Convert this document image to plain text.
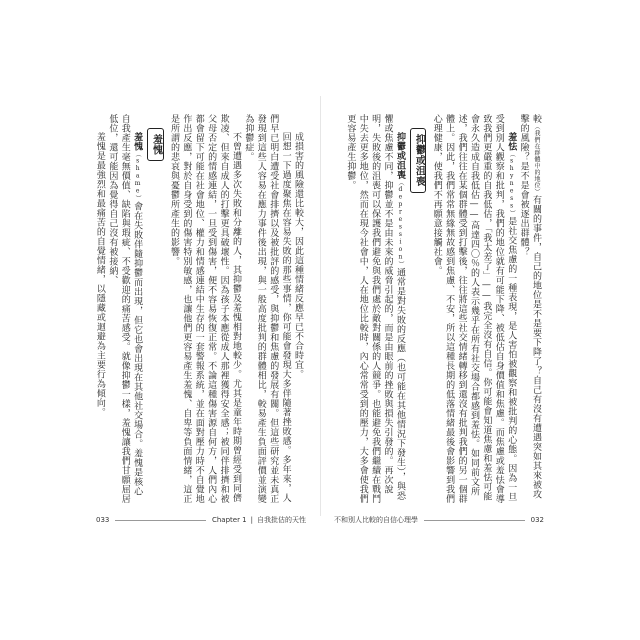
成損害的風險還比較大，因此這種情緒反應早已不合時宜。

回想一下過度聚焦在容易失敗的那些事情，你可能會發現大多伴隨著挫敗感。多年來，人們早已明白遭受社會排擠以及被批評的感受，與抑鬱和焦慮的發展有關。但這些研究並未真正發現到這些人容易在應力事件後出現，與一般高度批判的群體相比，較易產生負面評價並演變為抑鬱症。

不曾遭遇多次失敗和分離的人，其抑鬱及羞愧相對地較少。尤其是童年時期曾經受到同儕欺凌、但來自成人的打擊更具破壞性。因為孩子本應從成人那裡獲得安全感；被同伴排擠和被父母否定的情感連結，一旦受到傷害，便不容易恢復正常。不論這種傷害源自何方，人們內心都會留下可能在社會地位、權力和情感連結中生存的一套警報系統，並在面對壓力時不自覺地作出反應，對於自身受到的傷害特別敏感，也讓他們更容易產生羞愧、自卑等負面情緒，這正是所謂的悲哀與憂鬱所產生的影響。

羞愧

羞愧（shame）會在失敗伴隨抑鬱而出現，但它也會出現在其他社交場合。羞愧是核心自我產生毫無價值、缺陷與瑕疵、不受歡迎的痛苦感受。就像抑鬱一樣，羞愧讓我們甘願屈居低位，還可能因為覺得自己沒有被接納、

羞愧是最強烈和最痛苦的自覺情緒，以隱藏或迴避為主要行為傾向。

033	Chapter 1 | 自我批估的天性

較（我們在群體中的地位）有關的事件，自己的地位是不是要下降了？自己有沒有遭遇突如其來被攻擊的風險？是不是會被逐出群體？

羞怯（shyness）是社交焦慮的一種表現，是人害怕被觀察和被批判的心態。因為一旦受到別人觀察和批判，我們的地位就有可能下降、被低估自身價值和焦慮。而焦慮或羞怯會導致我們更嚴重的自我低估，「我太差了」——我完全沒有自信。你可能會知道焦慮和羞怯可能會永久造成自我低估——高達四〇％的人表示幾乎在所有社交場合都感到羞怯。如同前文所述，我們往往在某個群體受到打擊後，往往將這些社交情緒轉移到還沒有批判我們的另一個群體上。因此，我們常常無緣無故感到焦慮、不安，所以這種長期的低落情緒最後會影響到我們心理健康，使我們不再願意接觸社會。

抑鬱或沮喪

抑鬱或沮喪（depression）通常是對失敗的反應（也可能在其他情況下發生），與恐懼或焦慮不同，抑鬱並不是由未來的威脅引起的，而是由眼前的挫敗與損失引發的。再次說明，失敗後的沮喪可以保護我們避免與我們處於敵對關係的人競爭。也能避免我們繼續在戰鬥中失去更多地位，然而在現今社會中，人在地位比較時，內心常常受到的壓力，大多會使我們更容易產生抑鬱。

不和別人比較的自信心理學	032
